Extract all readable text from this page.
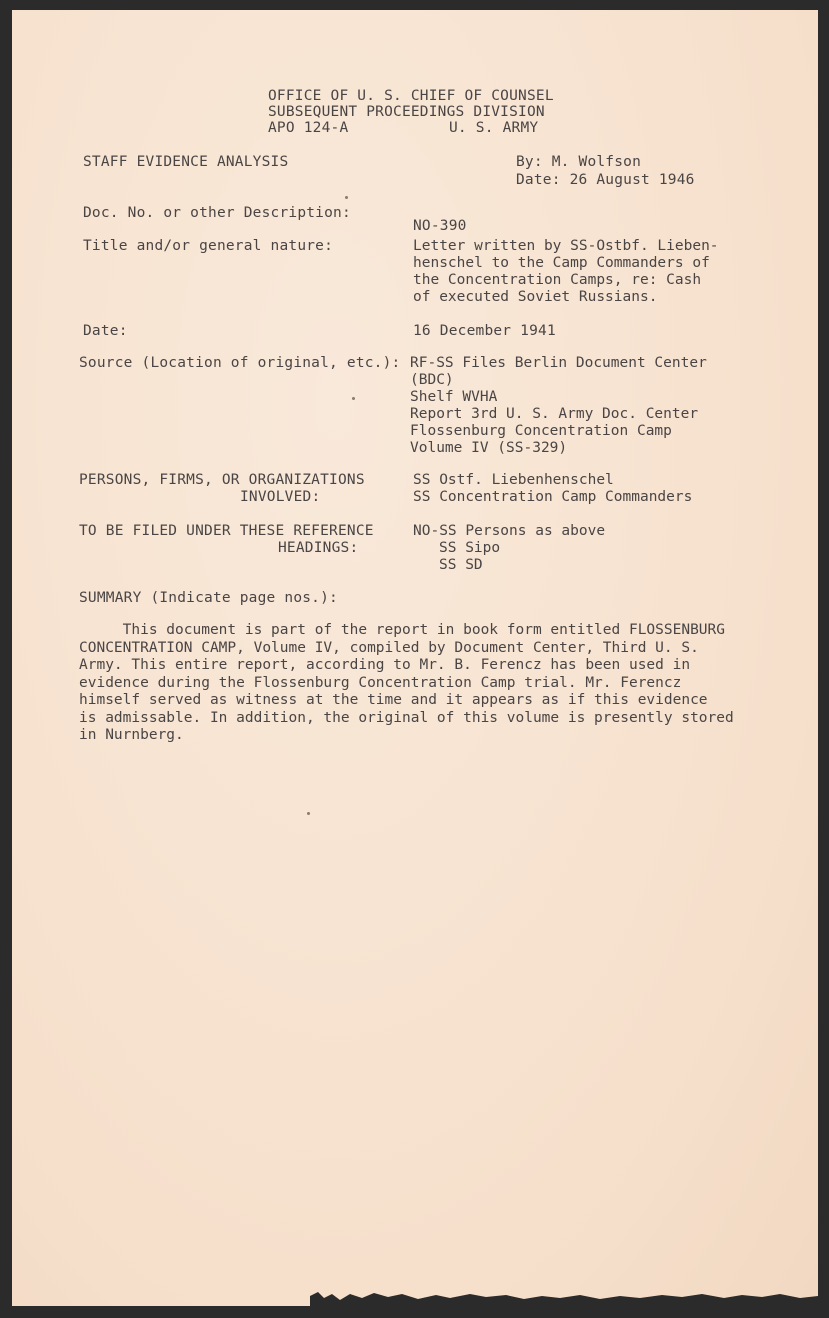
OFFICE OF U. S. CHIEF OF COUNSEL
SUBSEQUENT PROCEEDINGS DIVISION
APO 124-A	U. S. ARMY
STAFF EVIDENCE ANALYSIS	By: M. Wolfson
Date: 26 August 1946
Doc. No. or other Description:
NO-390
Title and/or general nature:	Letter written by SS-Ostbf. Lieben-
henschel to the Camp Commanders of
the Concentration Camps, re: Cash
of executed Soviet Russians.
Date:	16 December 1941
Source (Location of original, etc.): RF-SS Files Berlin Document Center
(BDC)
Shelf WVHA
Report 3rd U. S. Army Doc. Center
Flossenburg Concentration Camp
Volume IV (SS-329)
PERSONS, FIRMS, OR ORGANIZATIONS
INVOLVED:
SS Ostf. Liebenhenschel
SS Concentration Camp Commanders
TO BE FILED UNDER THESE REFERENCE
HEADINGS:
NO-SS Persons as above
SS Sipo
SS SD
SUMMARY (Indicate page nos.):
This document is part of the report in book form entitled FLOSSENBURG
CONCENTRATION CAMP, Volume IV, compiled by Document Center, Third U. S.
Army. This entire report, according to Mr. B. Ferencz has been used in
evidence during the Flossenburg Concentration Camp trial. Mr. Ferencz
himself served as witness at the time and it appears as if this evidence
is admissable. In addition, the original of this volume is presently stored
in Nurnberg.
